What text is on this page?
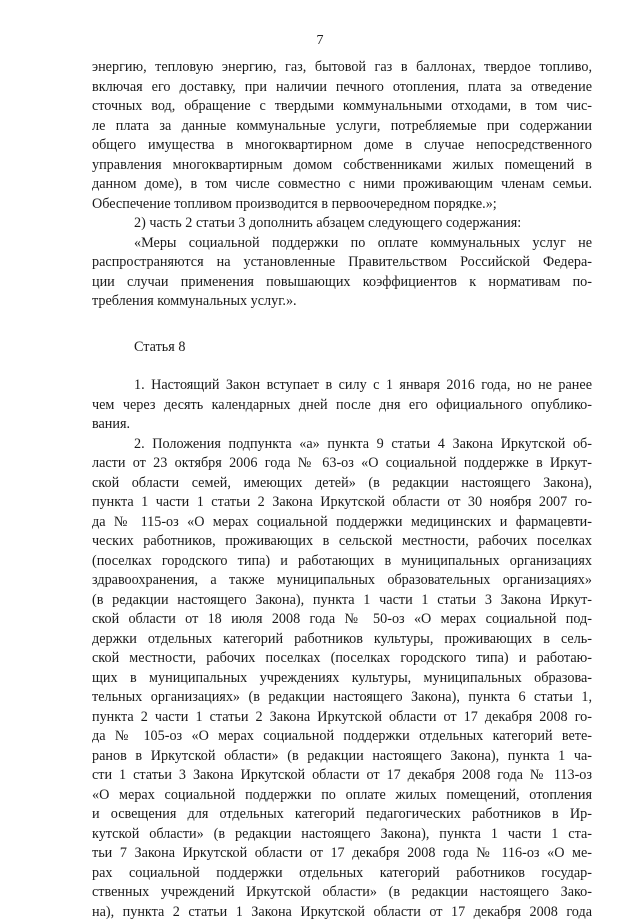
7
энергию, тепловую энергию, газ, бытовой газ в баллонах, твердое топливо,
включая его доставку, при наличии печного отопления, плата за отведение
сточных вод, обращение с твердыми коммунальными отходами, в том чис-
ле плата за данные коммунальные услуги, потребляемые при содержании
общего имущества в многоквартирном доме в случае непосредственного
управления многоквартирным домом собственниками жилых помещений в
данном доме), в том числе совместно с ними проживающим членам семьи.
Обеспечение топливом производится в первоочередном порядке.»;
2) часть 2 статьи 3 дополнить абзацем следующего содержания:
«Меры социальной поддержки по оплате коммунальных услуг не
распространяются на установленные Правительством Российской Федера-
ции случаи применения повышающих коэффициентов к нормативам по-
требления коммунальных услуг.».
Статья 8
1. Настоящий Закон вступает в силу с 1 января 2016 года, но не ранее
чем через десять календарных дней после дня его официального опублико-
вания.
2. Положения подпункта «а» пункта 9 статьи 4 Закона Иркутской об-
ласти от 23 октября 2006 года № 63-оз «О социальной поддержке в Иркут-
ской области семей, имеющих детей» (в редакции настоящего Закона),
пункта 1 части 1 статьи 2 Закона Иркутской области от 30 ноября 2007 го-
да № 115-оз «О мерах социальной поддержки медицинских и фармацевти-
ческих работников, проживающих в сельской местности, рабочих поселках
(поселках городского типа) и работающих в муниципальных организациях
здравоохранения, а также муниципальных образовательных организациях»
(в редакции настоящего Закона), пункта 1 части 1 статьи 3 Закона Иркут-
ской области от 18 июля 2008 года № 50-оз «О мерах социальной под-
держки отдельных категорий работников культуры, проживающих в сель-
ской местности, рабочих поселках (поселках городского типа) и работаю-
щих в муниципальных учреждениях культуры, муниципальных образова-
тельных организациях» (в редакции настоящего Закона), пункта 6 статьи 1,
пункта 2 части 1 статьи 2 Закона Иркутской области от 17 декабря 2008 го-
да № 105-оз «О мерах социальной поддержки отдельных категорий вете-
ранов в Иркутской области» (в редакции настоящего Закона), пункта 1 ча-
сти 1 статьи 3 Закона Иркутской области от 17 декабря 2008 года № 113-оз
«О мерах социальной поддержки по оплате жилых помещений, отопления
и освещения для отдельных категорий педагогических работников в Ир-
кутской области» (в редакции настоящего Закона), пункта 1 части 1 ста-
тьи 7 Закона Иркутской области от 17 декабря 2008 года № 116-оз «О ме-
рах социальной поддержки отдельных категорий работников государ-
ственных учреждений Иркутской области» (в редакции настоящего Зако-
на), пункта 2 статьи 1 Закона Иркутской области от 17 декабря 2008 года
